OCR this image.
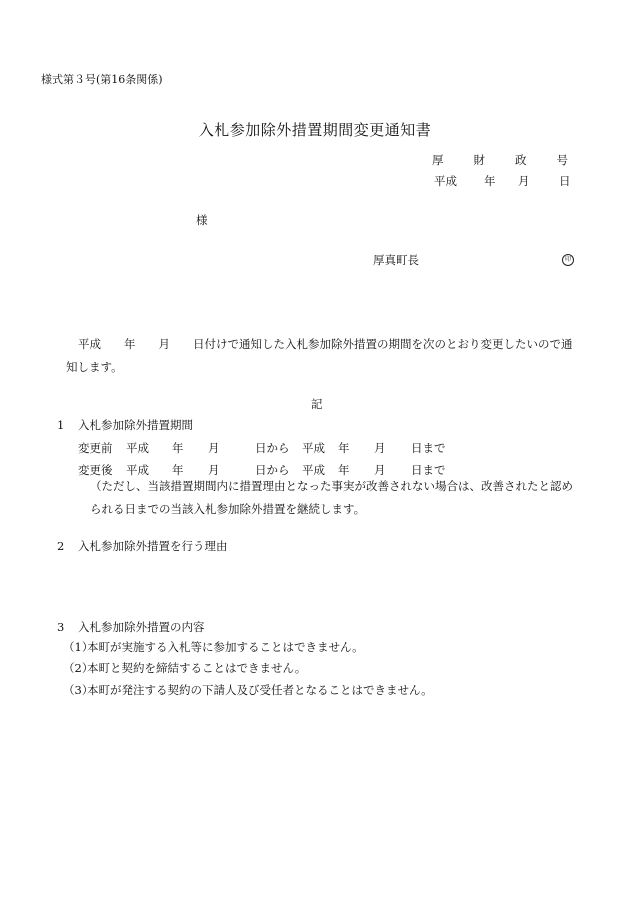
様式第３号(第16条関係)
入札参加除外措置期間変更通知書
厚	財	政	号
平成	年	月	日
様
厚真町長	印
平成　　年　　月　　日付けで通知した入札参加除外措置の期間を次のとおり変更したいので通
知します。
記
1 入札参加除外措置期間
変更前	平成	年	月	日から	平成	年	月	日まで
変更後	平成	年	月	日から	平成	年	月	日まで
（ただし、当該措置期間内に措置理由となった事実が改善されない場合は、改善されたと認め
られる日までの当該入札参加除外措置を継続します。
2 入札参加除外措置を行う理由
3 入札参加除外措置の内容
（1）本町が実施する入札等に参加することはできません。
（2）本町と契約を締結することはできません。
（3）本町が発注する契約の下請人及び受任者となることはできません。
